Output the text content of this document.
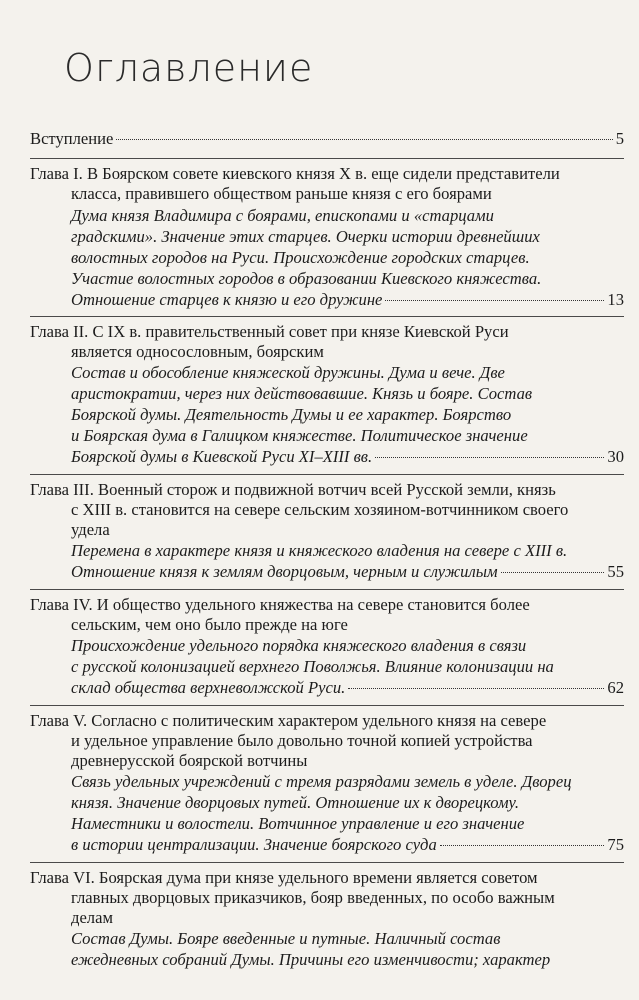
Оглавление
Вступление	5
Глава I. В Боярском совете киевского князя X в. еще сидели представители
класса, правившего обществом раньше князя с его боярами
Дума князя Владимира с боярами, епископами и «старцами
градскими». Значение этих старцев. Очерки истории древнейших
волостных городов на Руси. Происхождение городских старцев.
Участие волостных городов в образовании Киевского княжества.
Отношение старцев к князю и его дружине	13
Глава II. С IX в. правительственный совет при князе Киевской Руси
является односословным, боярским
Состав и обособление княжеской дружины. Дума и вече. Две
аристократии, через них действовавшие. Князь и бояре. Состав
Боярской думы. Деятельность Думы и ее характер. Боярство
и Боярская дума в Галицком княжестве. Политическое значение
Боярской думы в Киевской Руси XI–XIII вв.	30
Глава III. Военный сторож и подвижной вотчич всей Русской земли, князь
с XIII в. становится на севере сельским хозяином-вотчинником своего
удела
Перемена в характере князя и княжеского владения на севере с XIII в.
Отношение князя к землям дворцовым, черным и служилым	55
Глава IV. И общество удельного княжества на севере становится более
сельским, чем оно было прежде на юге
Происхождение удельного порядка княжеского владения в связи
с русской колонизацией верхнего Поволжья. Влияние колонизации на
склад общества верхневолжской Руси.	62
Глава V. Согласно с политическим характером удельного князя на севере
и удельное управление было довольно точной копией устройства
древнерусской боярской вотчины
Связь удельных учреждений с тремя разрядами земель в уделе. Дворец
князя. Значение дворцовых путей. Отношение их к дворецкому.
Наместники и волостели. Вотчинное управление и его значение
в истории централизации. Значение боярского суда	75
Глава VI. Боярская дума при князе удельного времени является советом
главных дворцовых приказчиков, бояр введенных, по особо важным
делам
Состав Думы. Бояре введенные и путные. Наличный состав
ежедневных собраний Думы. Причины его изменчивости; характер
